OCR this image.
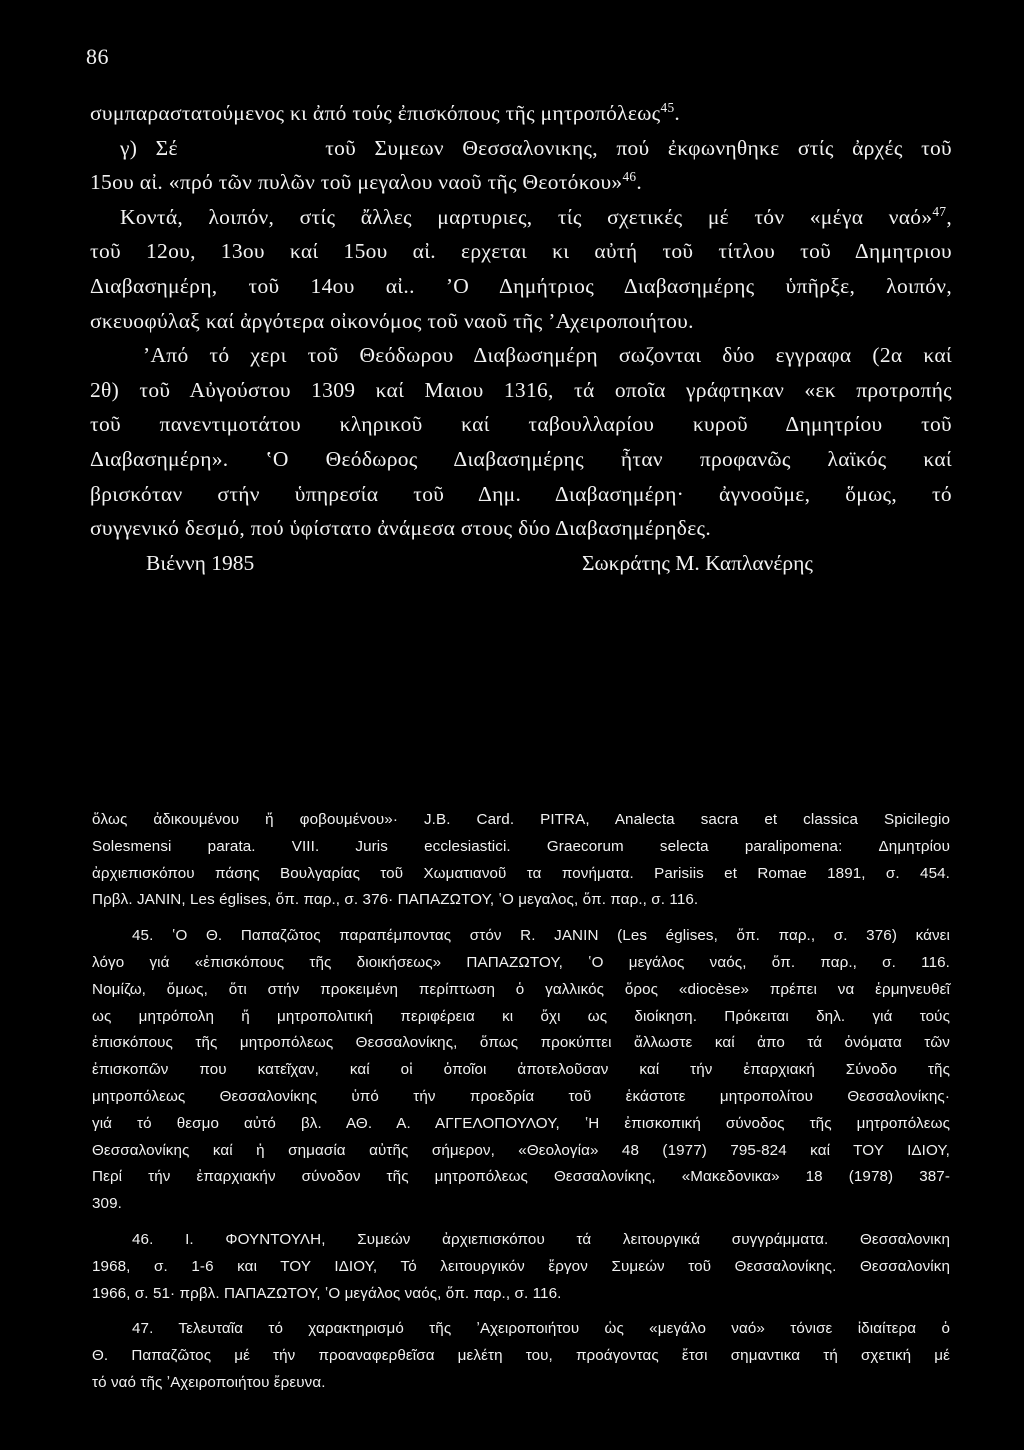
86
συμπαραστατούμενος κι ἀπό τούς ἐπισκόπους τῆς μητροπόλεως$^{45}$.
γ) Σέ        τοῦ Συμεων Θεσσαλονικης, πού ἐκφωνηθηκε στίς ἀρχές τοῦ
15ου αἰ. «πρό τῶν πυλῶν τοῦ μεγαλου ναοῦ τῆς Θεοτόκου»$^{46}$.
Κοντά, λοιπόν, στίς ἄλλες μαρτυριες, τίς σχετικές μέ τόν «μέγα ναό»$^{47}$,
τοῦ 12ου, 13ου καί 15ου αἰ. ερχεται κι αὐτή τοῦ τίτλου τοῦ Δημητριου
Διαβασημέρη, τοῦ 14ου αἰ.. ʼΟ Δημήτριος Διαβασημέρης ὑπῆρξε, λοιπόν,
σκευοφύλαξ καί ἀργότερα οἰκονόμος τοῦ ναοῦ τῆς ʼΑχειροποιήτου.
ʼΑπό τό χερι τοῦ Θεόδωρου Διαβωσημέρη σωζονται δύο εγγραφα (2α καί
2θ) τοῦ Αὐγούστου 1309 καί Μαιου 1316, τά οποῖα γράφτηκαν «εκ προτροπής
τοῦ πανεντιμοτάτου κληρικοῦ καί ταβουλλαρίου κυροῦ Δημητρίου τοῦ
Διαβασημέρη». ʽΟ Θεόδωρος Διαβασημέρης ἦταν προφανῶς λαϊκός καί
βρισκόταν στήν ὑπηρεσία τοῦ Δημ. Διαβασημέρη· ἀγνοοῦμε, ὅμως, τό
συγγενικό δεσμό, πού ὑφίστατο ἀνάμεσα στους δύο Διαβασημέρηδες.
Βιέννη 1985	Σωκράτης Μ. Καπλανέρης
ὅλως ἀδικουμένου ἤ φοβουμένου»· J.B. Card. PITRA, Analecta sacra et classica Spicilegio
Solesmensi parata. VIII. Juris ecclesiastici. Graecorum selecta paralipomena: Δημητρίου
ἀρχιεπισκόπου πάσης Βουλγαρίας τοῦ Χωματιανοῦ τα πονήματα. Parisiis et Romae 1891, σ. 454.
Πρβλ. JANIN, Les églises, ὅπ. παρ., σ. 376· ΠΑΠΑΖΩΤΟΥ, ʽΟ μεγαλος, ὅπ. παρ., σ. 116.
45. ʽΟ Θ. Παπαζῶτος παραπέμποντας στόν R. JANIN (Les églises, ὅπ. παρ., σ. 376) κάνει
λόγο γιά «ἐπισκόπους τῆς διοικήσεως» ΠΑΠΑΖΩΤΟΥ, ʽΟ μεγάλος ναός, ὅπ. παρ., σ. 116.
Νομίζω, ὅμως, ὅτι στήν προκειμένη περίπτωση ὁ γαλλικός ὅρος «diocèse» πρέπει να ἑρμηνευθεῖ
ως μητρόπολη ἤ μητροπολιτική περιφέρεια κι ὄχι ως διοίκηση. Πρόκειται δηλ. γιά τούς
ἐπισκόπους τῆς μητροπόλεως Θεσσαλονίκης, ὅπως προκύπτει ἄλλωστε καί ἀπο τά ὀνόματα τῶν
ἐπισκοπῶν που κατεῖχαν, καί οἱ ὁποῖοι ἀποτελοῦσαν καί τήν ἐπαρχιακή Σύνοδο τῆς
μητροπόλεως Θεσσαλονίκης ὑπό τήν προεδρία τοῦ ἑκάστοτε μητροπολίτου Θεσσαλονίκης·
γιά τό θεσμο αὐτό βλ. ΑΘ. Α. ΑΓΓΕΛΟΠΟΥΛΟΥ, ʽΗ ἐπισκοπική σύνοδος τῆς μητροπόλεως
Θεσσαλονίκης καί ἡ σημασία αὐτῆς σήμερον, «Θεολογία» 48 (1977) 795-824 καί ΤΟΥ ΙΔΙΟΥ,
Περί τήν ἐπαρχιακήν σύνοδον τῆς μητροπόλεως Θεσσαλονίκης, «Μακεδονικα» 18 (1978) 387-
309.
46. Ι. ΦΟΥΝΤΟΥΛΗ, Συμεών ἀρχιεπισκόπου τά λειτουργικά συγγράμματα. Θεσσαλονικη
1968, σ. 1-6 και ΤΟΥ ΙΔΙΟΥ, Τό λειτουργικόν ἔργον Συμεών τοῦ Θεσσαλονίκης. Θεσσαλονίκη
1966, σ. 51· πρβλ. ΠΑΠΑΖΩΤΟΥ, ʽΟ μεγάλος ναός, ὅπ. παρ., σ. 116.
47. Τελευταῖα τό χαρακτηρισμό τῆς ʼΑχειροποιήτου ὡς «μεγάλο ναό» τόνισε ἰδιαίτερα ὁ
Θ. Παπαζῶτος μέ τήν προαναφερθεῖσα μελέτη του, προάγοντας ἔτσι σημαντικα τή σχετική μέ
τό ναό τῆς ʼΑχειροποιήτου ἔρευνα.
